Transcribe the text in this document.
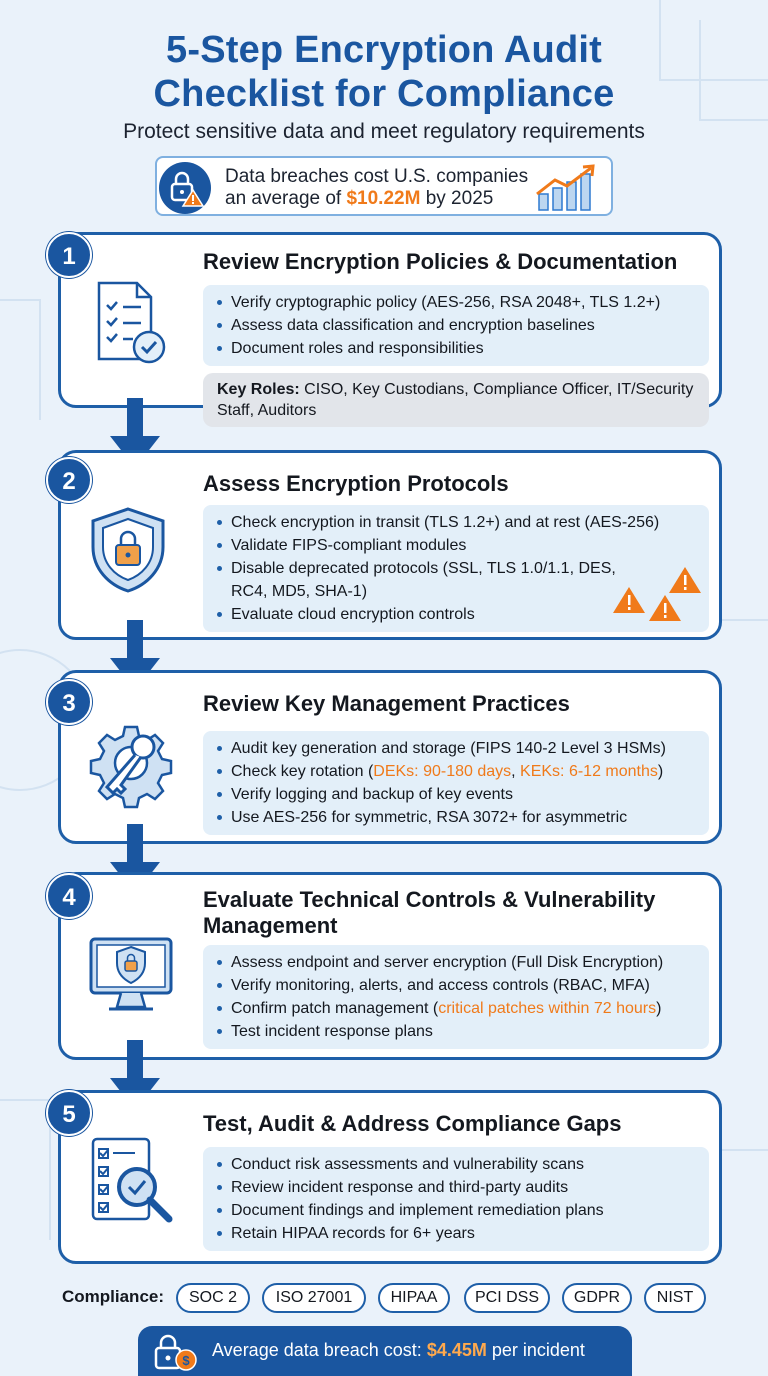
5-Step Encryption Audit
Checklist for Compliance
Protect sensitive data and meet regulatory requirements
Data breaches cost U.S. companies
an average of $10.22M by 2025
Review Encryption Policies & Documentation
Verify cryptographic policy (AES-256, RSA 2048+, TLS 1.2+)
Assess data classification and encryption baselines
Document roles and responsibilities
Key Roles: CISO, Key Custodians, Compliance Officer, IT/Security Staff, Auditors
1
Assess Encryption Protocols
Check encryption in transit (TLS 1.2+) and at rest (AES-256)
Validate FIPS-compliant modules
Disable deprecated protocols (SSL, TLS 1.0/1.1, DES, RC4, MD5, SHA-1)
Evaluate cloud encryption controls
2
Review Key Management Practices
Audit key generation and storage (FIPS 140-2 Level 3 HSMs)
Check key rotation (DEKs: 90-180 days, KEKs: 6-12 months)
Verify logging and backup of key events
Use AES-256 for symmetric, RSA 3072+ for asymmetric
3
Evaluate Technical Controls & Vulnerability Management
Assess endpoint and server encryption (Full Disk Encryption)
Verify monitoring, alerts, and access controls (RBAC, MFA)
Confirm patch management (critical patches within 72 hours)
Test incident response plans
4
Test, Audit & Address Compliance Gaps
Conduct risk assessments and vulnerability scans
Review incident response and third-party audits
Document findings and implement remediation plans
Retain HIPAA records for 6+ years
5
Compliance:	SOC 2	ISO 27001	HIPAA	PCI DSS	GDPR	NIST
$
Average data breach cost: $4.45M per incident
